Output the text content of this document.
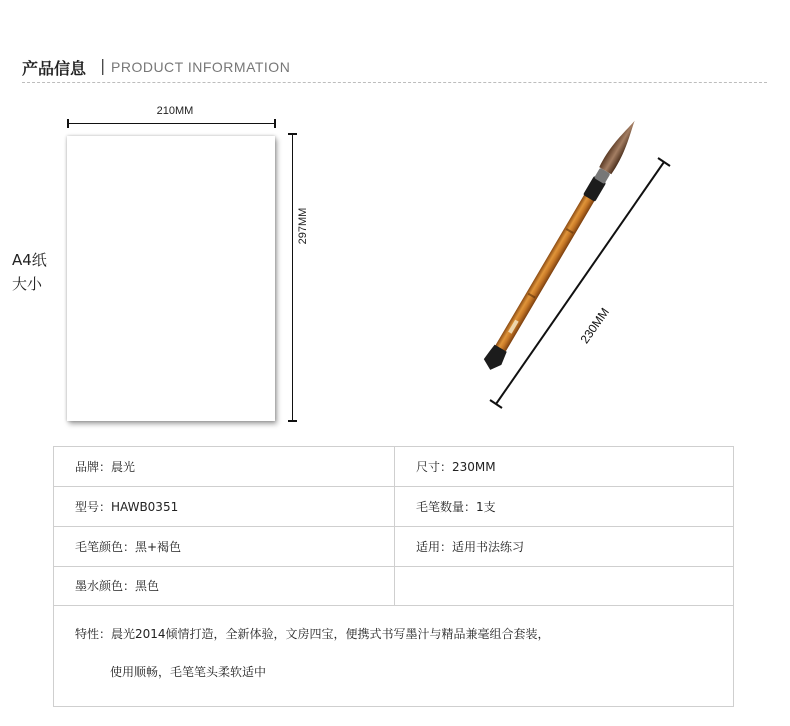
产品信息 | PRODUCT INFORMATION
210MM
297MM
A4纸
大小
230MM
品牌：晨光	尺寸：230MM
型号：HAWB0351	毛笔数量：1支
毛笔颜色：黑+褐色	适用：适用书法练习
墨水颜色：黑色
特性：晨光2014倾情打造，全新体验，文房四宝，便携式书写墨汁与精品兼毫组合套装，
使用顺畅，毛笔笔头柔软适中
